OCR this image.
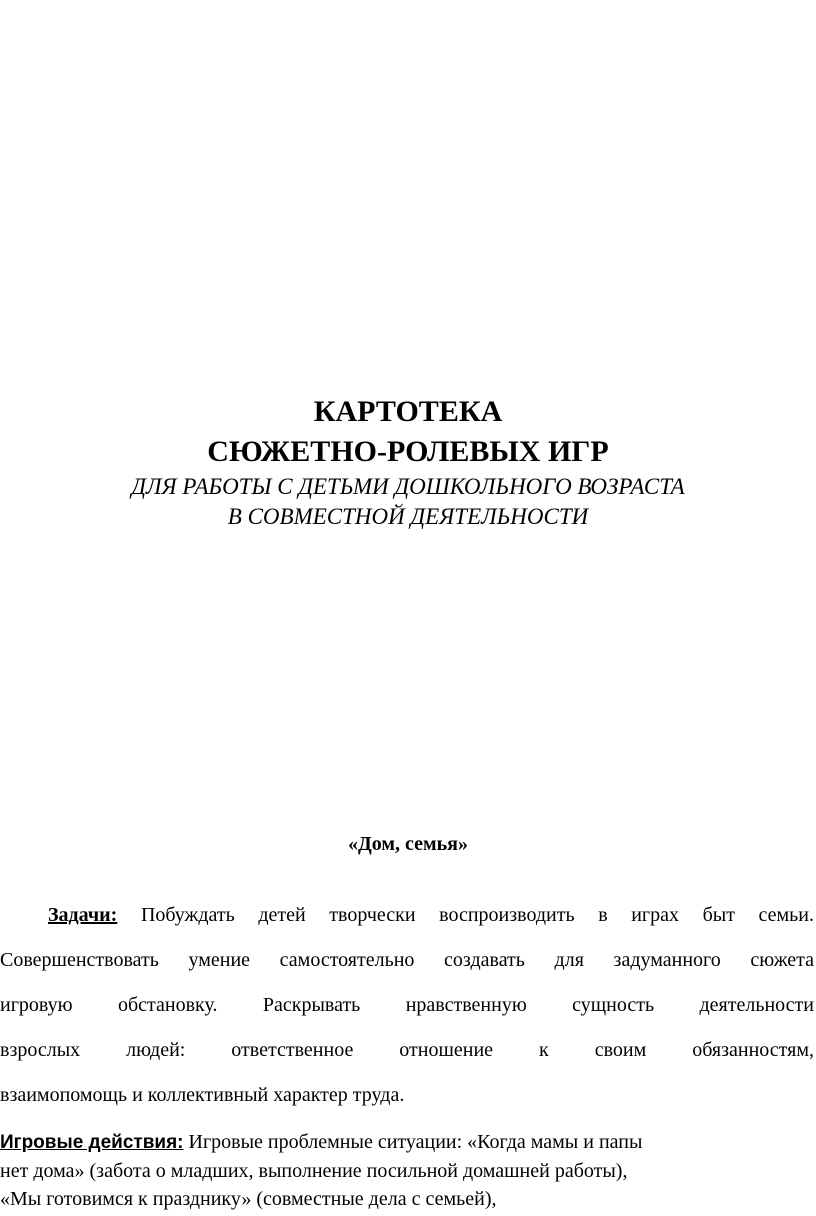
КАРТОТЕКА
СЮЖЕТНО-РОЛЕВЫХ ИГР
ДЛЯ РАБОТЫ С ДЕТЬМИ ДОШКОЛЬНОГО ВОЗРАСТА
В СОВМЕСТНОЙ ДЕЯТЕЛЬНОСТИ
«Дом, семья»
Задачи: Побуждать детей творчески воспроизводить в играх быт семьи.
Совершенствовать умение самостоятельно создавать для задуманного сюжета
игровую обстановку. Раскрывать нравственную сущность деятельности
взрослых людей: ответственное отношение к своим обязанностям,
взаимопомощь и коллективный характер труда.
Игровые действия: Игровые проблемные ситуации: «Когда мамы и папы
нет дома» (забота о младших, выполнение посильной домашней работы),
«Мы готовимся к празднику» (совместные дела с семьей),
